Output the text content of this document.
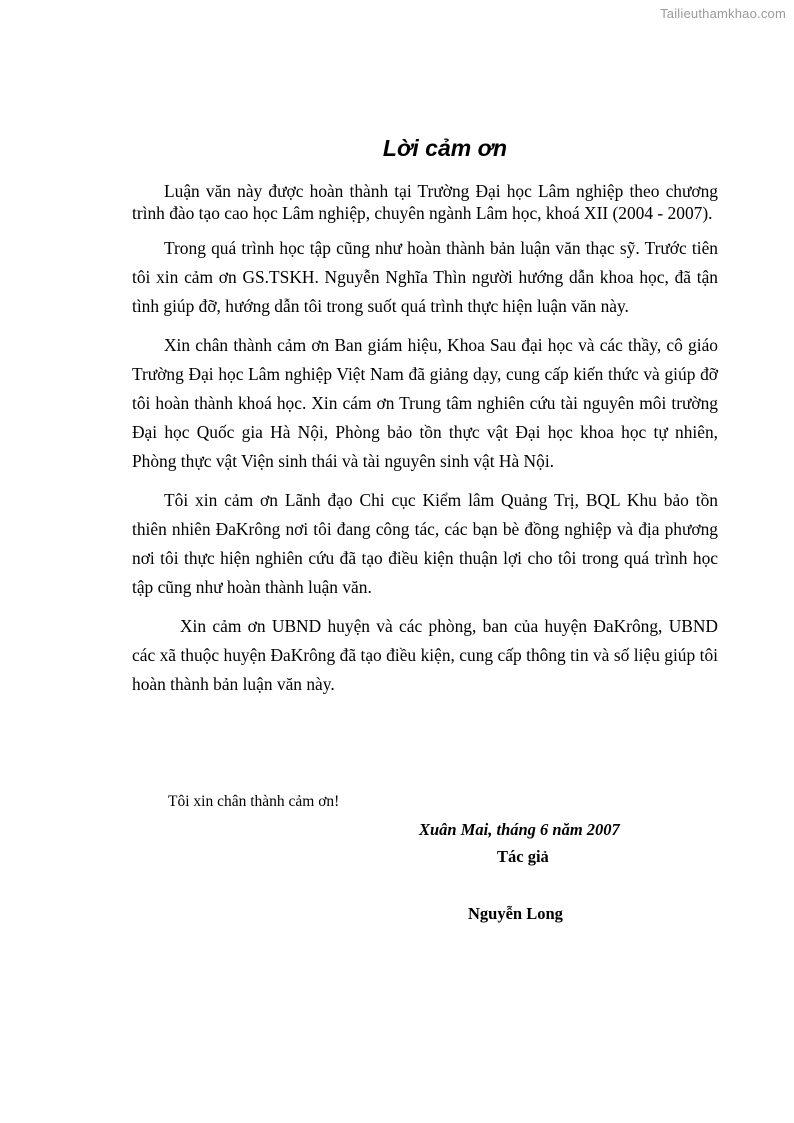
Tailieuthamkhao.com
Lời cảm ơn

Luận văn này được hoàn thành tại Trường Đại học Lâm nghiệp theo chương trình đào tạo cao học Lâm nghiệp, chuyên ngành Lâm học, khoá XII (2004 - 2007).

Trong quá trình học tập cũng như hoàn thành bản luận văn thạc sỹ. Trước tiên tôi xin cảm ơn GS.TSKH. Nguyễn Nghĩa Thìn người hướng dẫn khoa học, đã tận tình giúp đỡ, hướng dẫn tôi trong suốt quá trình thực hiện luận văn này.

Xin chân thành cảm ơn Ban giám hiệu, Khoa Sau đại học và các thầy, cô giáo Trường Đại học Lâm nghiệp Việt Nam đã giảng dạy, cung cấp kiến thức và giúp đỡ tôi hoàn thành khoá học. Xin cám ơn Trung tâm nghiên cứu tài nguyên môi trường Đại học Quốc gia Hà Nội, Phòng bảo tồn thực vật Đại học khoa học tự nhiên, Phòng thực vật Viện sinh thái và tài nguyên sinh vật Hà Nội.

Tôi xin cảm ơn Lãnh đạo Chi cục Kiểm lâm Quảng Trị, BQL Khu bảo tồn thiên nhiên ĐaKrông nơi tôi đang công tác, các bạn bè đồng nghiệp và địa phương nơi tôi thực hiện nghiên cứu đã tạo điều kiện thuận lợi cho tôi trong quá trình học tập cũng như hoàn thành luận văn.

Xin cảm ơn UBND huyện và các phòng, ban của huyện ĐaKrông, UBND các xã thuộc huyện ĐaKrông đã tạo điều kiện, cung cấp thông tin và số liệu giúp tôi hoàn thành bản luận văn này.

Tôi xin chân thành cảm ơn!
Xuân Mai, tháng 6 năm 2007
Tác giả
Nguyễn Long
